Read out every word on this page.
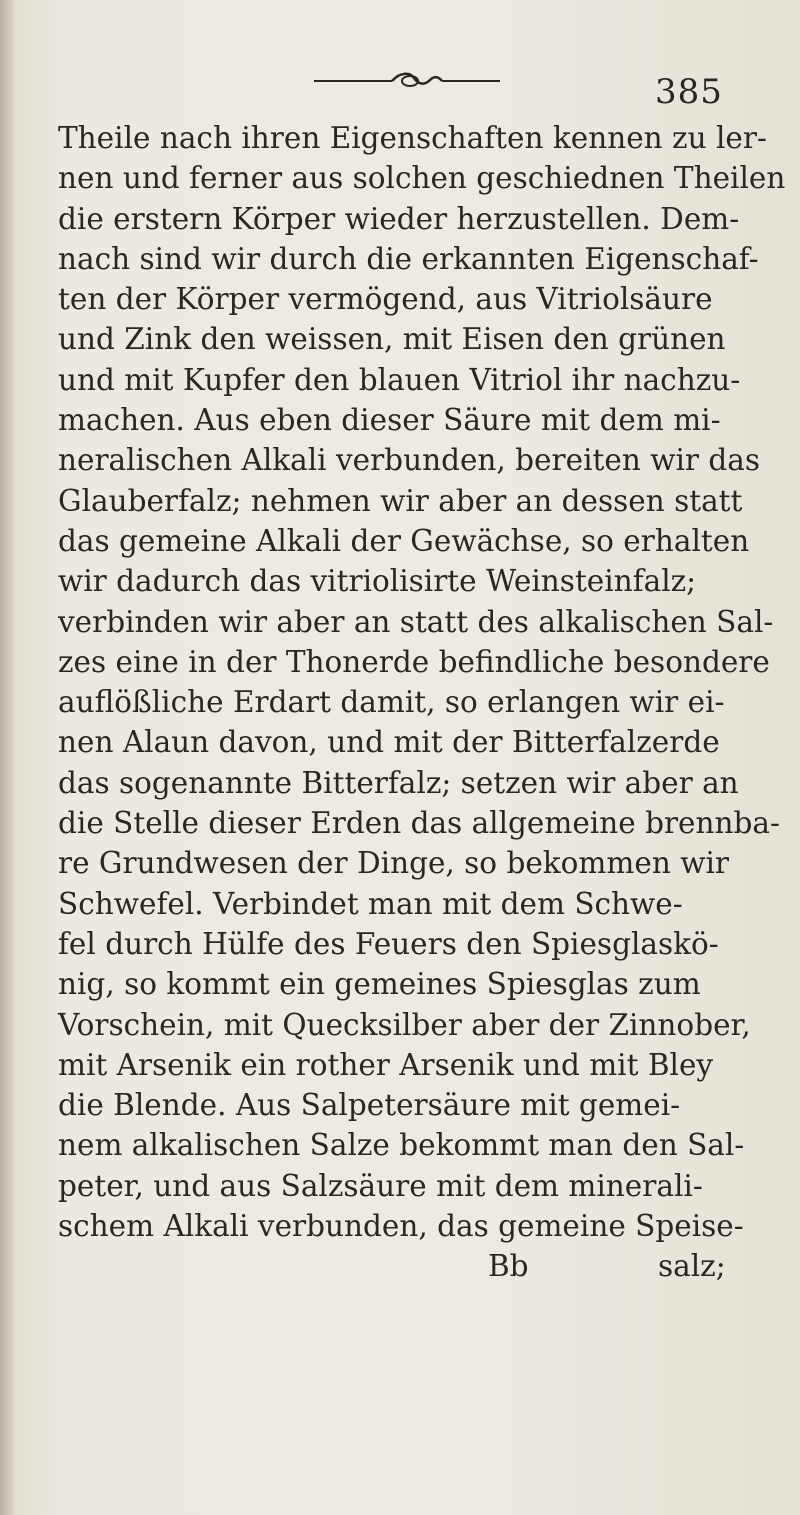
385
Theile nach ihren Eigenschaften kennen zu ler-
nen und ferner aus solchen geschiednen Theilen
die erstern Körper wieder herzustellen. Dem-
nach sind wir durch die erkannten Eigenschaf-
ten der Körper vermögend, aus Vitriolsäure
und Zink den weissen, mit Eisen den grünen
und mit Kupfer den blauen Vitriol ihr nachzu-
machen. Aus eben dieser Säure mit dem mi-
neralischen Alkali verbunden, bereiten wir das
Glauberfalz; nehmen wir aber an dessen statt
das gemeine Alkali der Gewächse, so erhalten
wir dadurch das vitriolisirte Weinsteinfalz;
verbinden wir aber an statt des alkalischen Sal-
zes eine in der Thonerde befindliche besondere
auflößliche Erdart damit, so erlangen wir ei-
nen Alaun davon, und mit der Bitterfalzerde
das sogenannte Bitterfalz; setzen wir aber an
die Stelle dieser Erden das allgemeine brennba-
re Grundwesen der Dinge, so bekommen wir
Schwefel. Verbindet man mit dem Schwe-
fel durch Hülfe des Feuers den Spiesglaskö-
nig, so kommt ein gemeines Spiesglas zum
Vorschein, mit Quecksilber aber der Zinnober,
mit Arsenik ein rother Arsenik und mit Bley
die Blende. Aus Salpetersäure mit gemei-
nem alkalischen Salze bekommt man den Sal-
peter, und aus Salzsäure mit dem minerali-
schem Alkali verbunden, das gemeine Speise-
Bb	salz;
